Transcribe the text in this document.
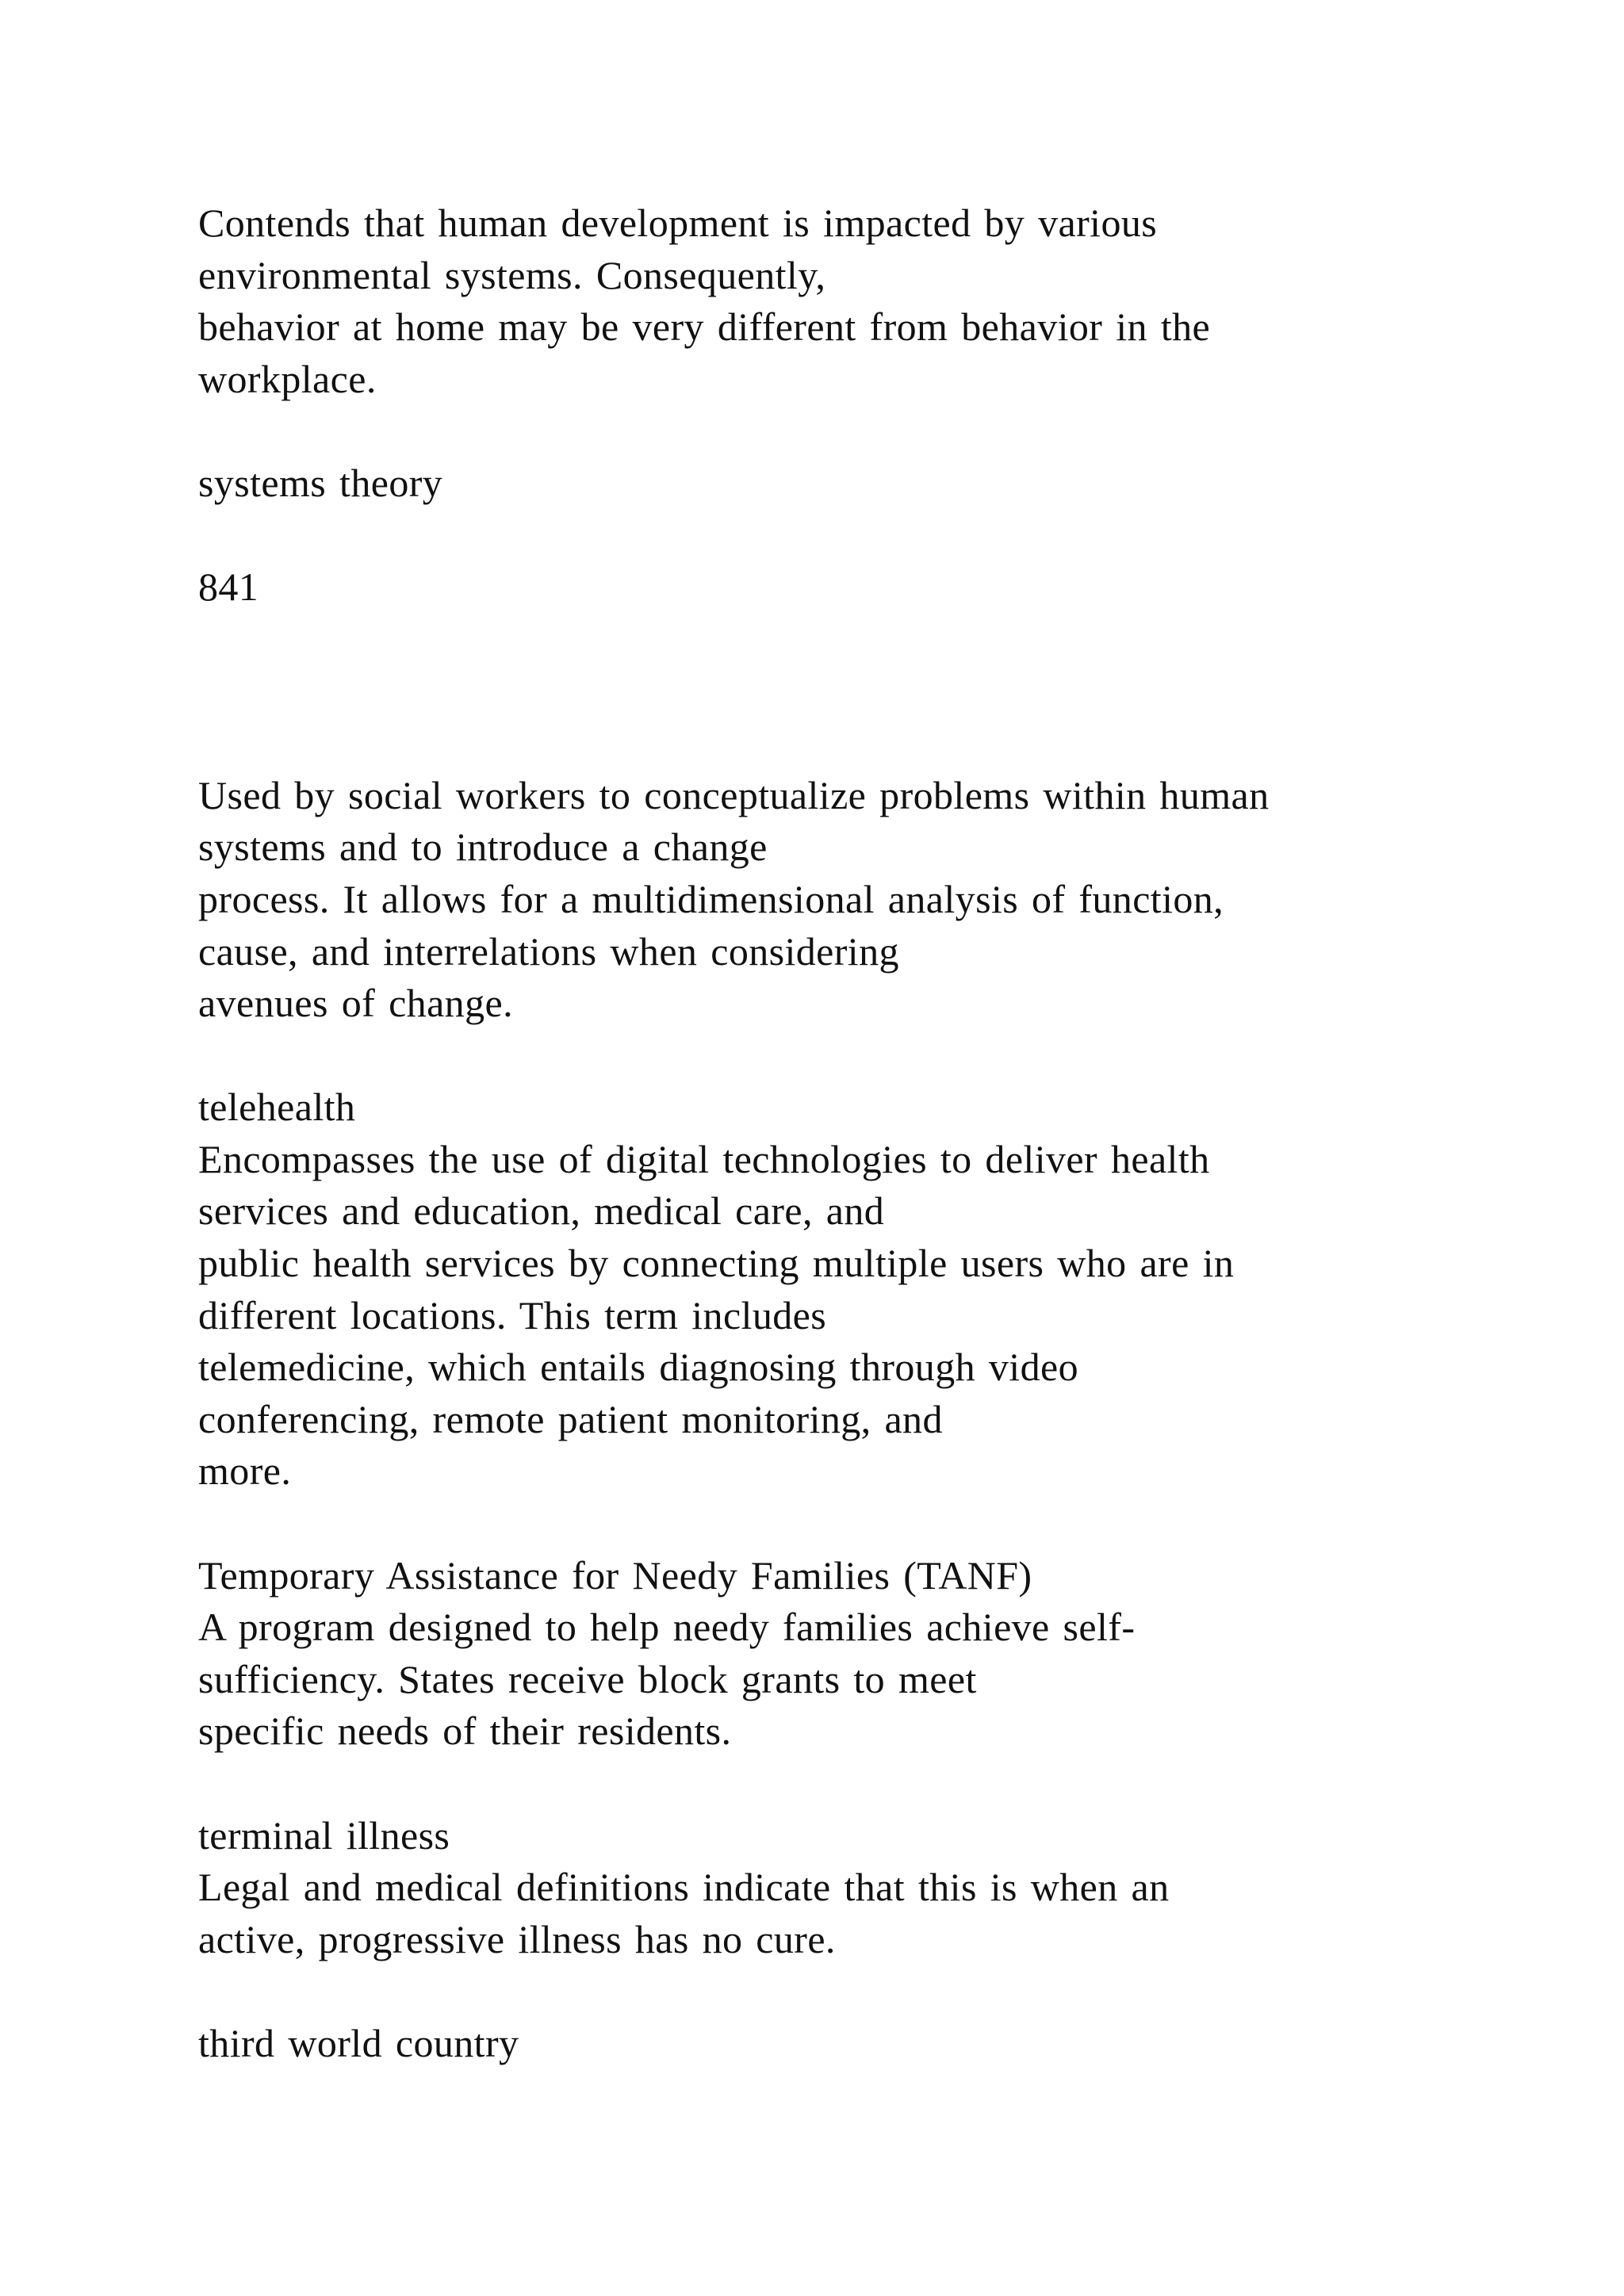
Contends that human development is impacted by various

environmental systems. Consequently,

behavior at home may be very different from behavior in the

workplace.

systems theory

841

Used by social workers to conceptualize problems within human

systems and to introduce a change

process. It allows for a multidimensional analysis of function,

cause, and interrelations when considering

avenues of change.

telehealth

Encompasses the use of digital technologies to deliver health

services and education, medical care, and

public health services by connecting multiple users who are in

different locations. This term includes

telemedicine, which entails diagnosing through video

conferencing, remote patient monitoring, and

more.

Temporary Assistance for Needy Families (TANF)

A program designed to help needy families achieve self-

sufficiency. States receive block grants to meet

specific needs of their residents.

terminal illness

Legal and medical definitions indicate that this is when an

active, progressive illness has no cure.

third world country
